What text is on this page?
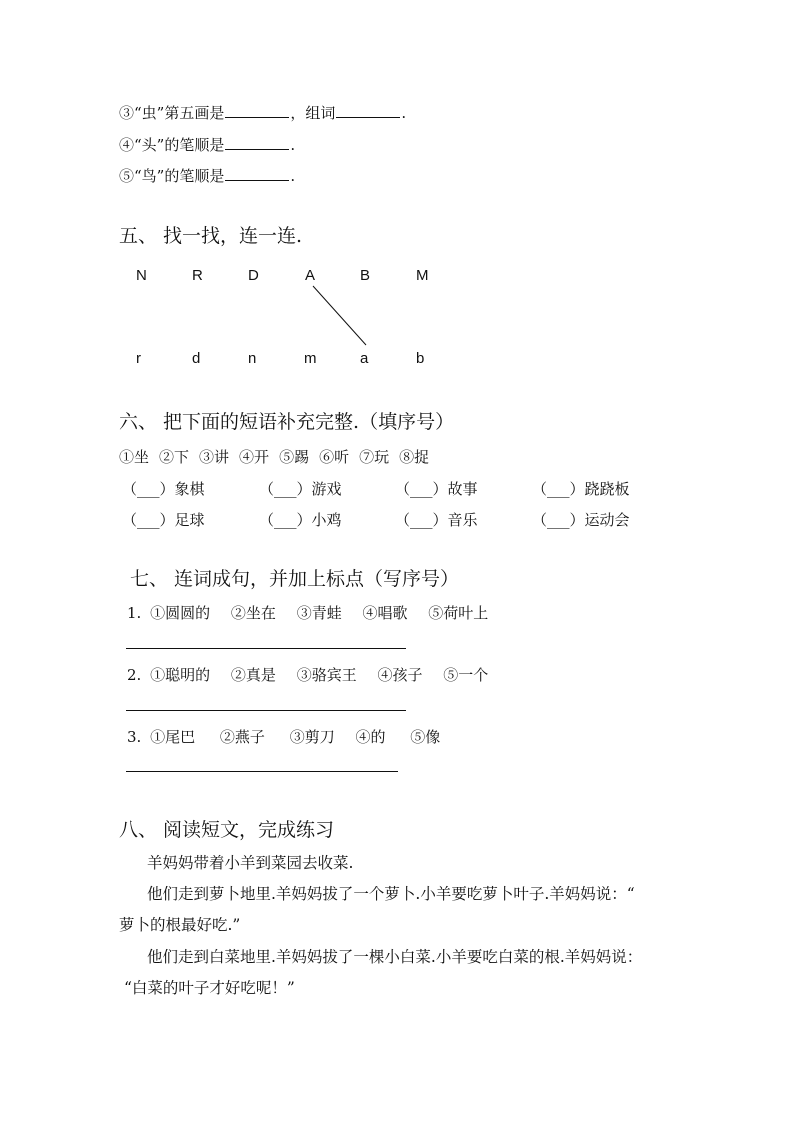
③“虫”第五画是	，组词	.
④“头”的笔顺是	.
⑤“鸟”的笔顺是	.
五、 找一找，连一连.
N	R	D	A	B	M
r	d	n	m	a	b
六、 把下面的短语补充完整.（填序号）
①坐 ②下 ③讲 ④开 ⑤踢 ⑥听 ⑦玩 ⑧捉
（___）象棋	（___）游戏	（___）故事	（___）跷跷板
（___）足球	（___）小鸡	（___）音乐	（___）运动会
七、 连词成句，并加上标点（写序号）
1. ①圆圆的 ②坐在 ③青蛙 ④唱歌 ⑤荷叶上
2. ①聪明的 ②真是 ③骆宾王 ④孩子 ⑤一个
3. ①尾巴 ②燕子 ③剪刀 ④的 ⑤像
八、 阅读短文，完成练习
羊妈妈带着小羊到菜园去收菜.
他们走到萝卜地里.羊妈妈拔了一个萝卜.小羊要吃萝卜叶子.羊妈妈说：“
萝卜的根最好吃.”
他们走到白菜地里.羊妈妈拔了一棵小白菜.小羊要吃白菜的根.羊妈妈说：
“白菜的叶子才好吃呢！”
